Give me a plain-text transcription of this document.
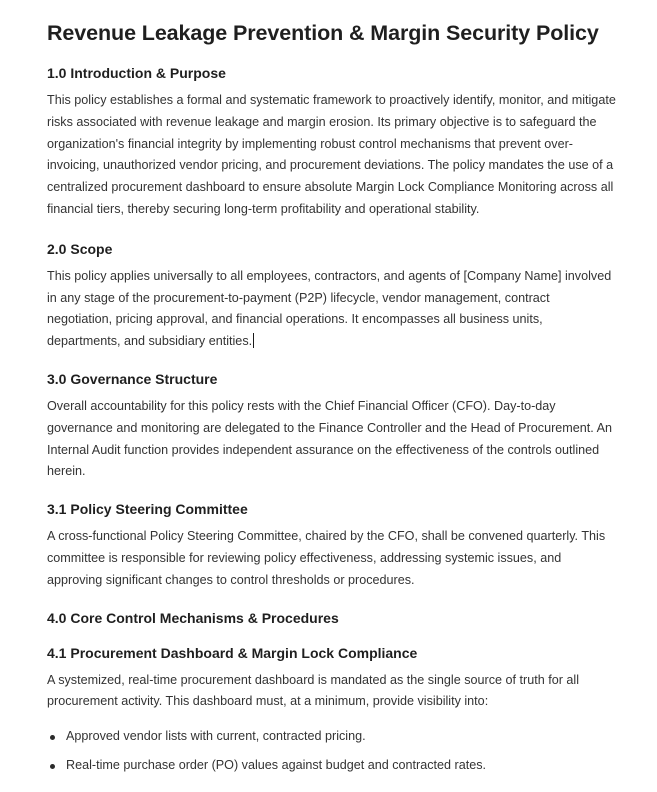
Revenue Leakage Prevention & Margin Security Policy
1.0 Introduction & Purpose

This policy establishes a formal and systematic framework to proactively identify, monitor, and mitigate risks associated with revenue leakage and margin erosion. Its primary objective is to safeguard the organization's financial integrity by implementing robust control mechanisms that prevent over-invoicing, unauthorized vendor pricing, and procurement deviations. The policy mandates the use of a centralized procurement dashboard to ensure absolute Margin Lock Compliance Monitoring across all financial tiers, thereby securing long-term profitability and operational stability.

2.0 Scope

This policy applies universally to all employees, contractors, and agents of [Company Name] involved in any stage of the procurement-to-payment (P2P) lifecycle, vendor management, contract negotiation, pricing approval, and financial operations. It encompasses all business units, departments, and subsidiary entities.

3.0 Governance Structure

Overall accountability for this policy rests with the Chief Financial Officer (CFO). Day-to-day governance and monitoring are delegated to the Finance Controller and the Head of Procurement. An Internal Audit function provides independent assurance on the effectiveness of the controls outlined herein.

3.1 Policy Steering Committee

A cross-functional Policy Steering Committee, chaired by the CFO, shall be convened quarterly. This committee is responsible for reviewing policy effectiveness, addressing systemic issues, and approving significant changes to control thresholds or procedures.

4.0 Core Control Mechanisms & Procedures
4.1 Procurement Dashboard & Margin Lock Compliance

A systemized, real-time procurement dashboard is mandated as the single source of truth for all procurement activity. This dashboard must, at a minimum, provide visibility into:

Approved vendor lists with current, contracted pricing.
Real-time purchase order (PO) values against budget and contracted rates.
